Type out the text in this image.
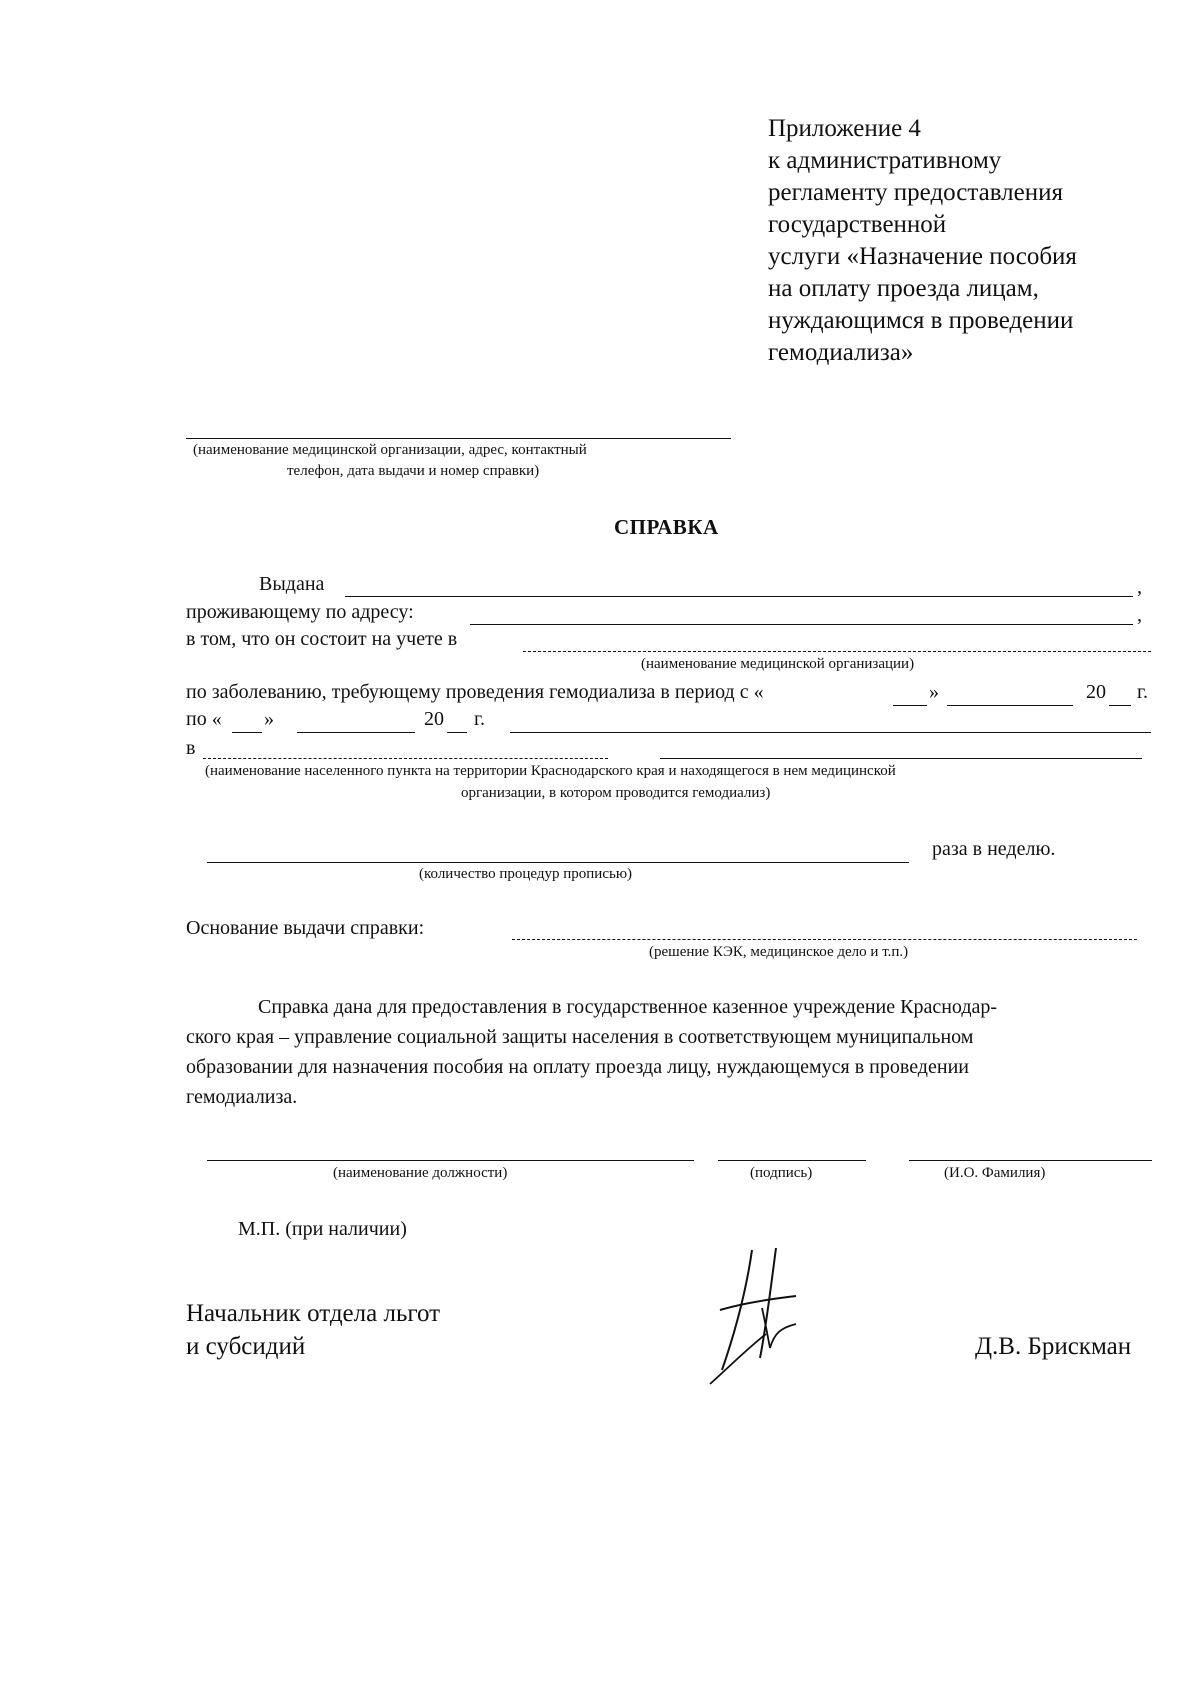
Приложение 4
к административному
регламенту предоставления
государственной
услуги «Назначение пособия
на оплату проезда лицам,
нуждающимся в проведении
гемодиализа»
(наименование медицинской организации, адрес, контактный
телефон, дата выдачи и номер справки)
СПРАВКА
Выдана	,
проживающему по адресу:	,
в том, что он состоит на учете в
(наименование медицинской организации)
по заболеванию, требующему проведения гемодиализа в период с «	»	20 г.
по « »	20 г.
в
(наименование населенного пункта на территории Краснодарского края и находящегося в нем медицинской
организации, в котором проводится гемодиализ)
раза в неделю.
(количество процедур прописью)
Основание выдачи справки:
(решение КЭК, медицинское дело и т.п.)
Справка дана для предоставления в государственное казенное учреждение Краснодар-
ского края – управление социальной защиты населения в соответствующем муниципальном
образовании для назначения пособия на оплату проезда лицу, нуждающемуся в проведении
гемодиализа.
(наименование должности)	(подпись)	(И.О. Фамилия)
М.П. (при наличии)
Начальник отдела льгот
и субсидий	Д.В. Брискман
